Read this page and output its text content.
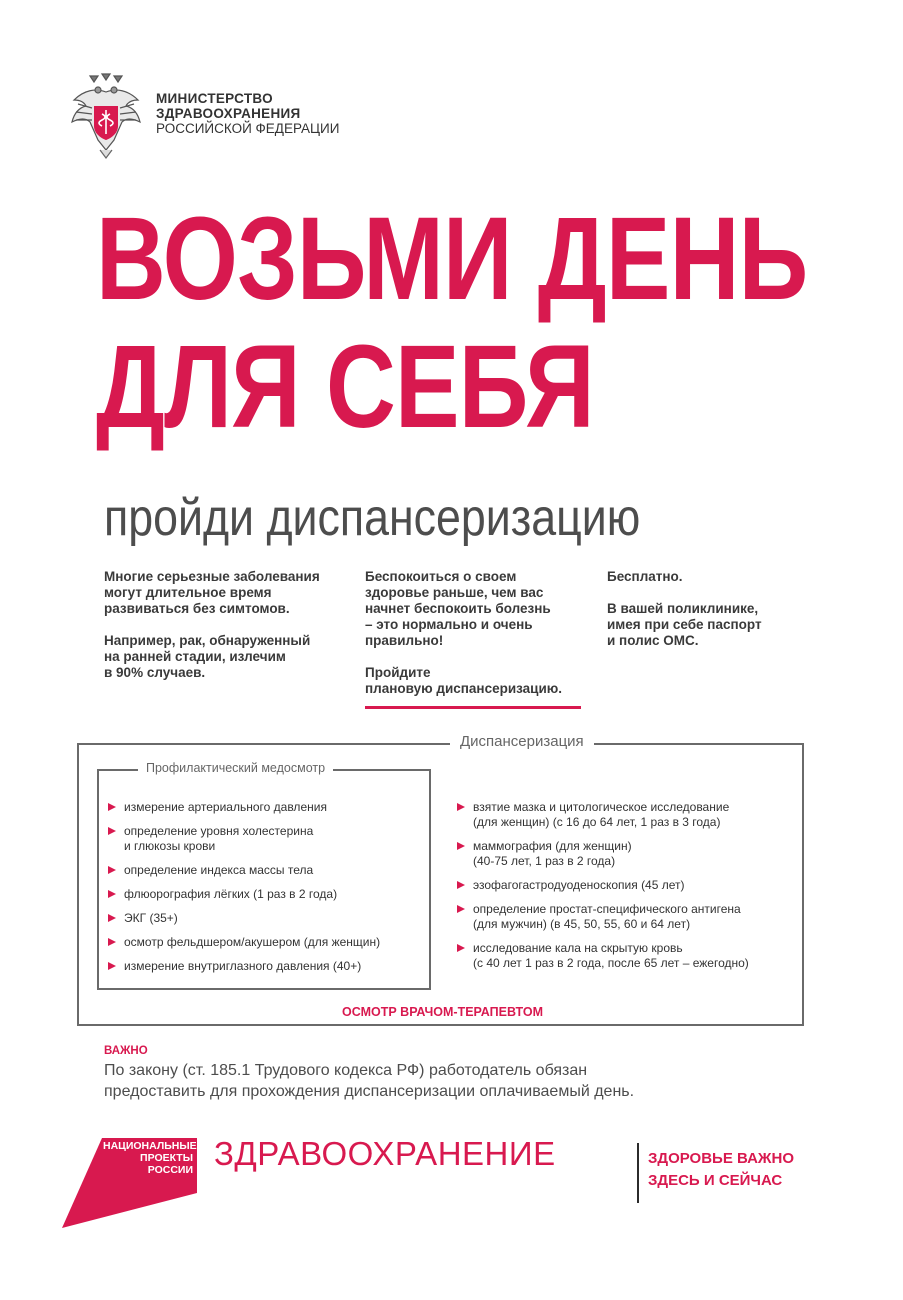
МИНИСТЕРСТВО
ЗДРАВООХРАНЕНИЯ
РОССИЙСКОЙ ФЕДЕРАЦИИ
ВОЗЬМИ ДЕНЬ
ДЛЯ СЕБЯ
пройди диспансеризацию

Многие серьезные заболевания
могут длительное время
развиваться без симтомов.

Например, рак, обнаруженный
на ранней стадии, излечим
в 90% случаев.

Беспокоиться о своем
здоровье раньше, чем вас
начнет беспокоить болезнь
– это нормально и очень
правильно!

Пройдите
плановую диспансеризацию.

Бесплатно.

В вашей поликлинике,
имея при себе паспорт
и полис ОМС.

Диспансеризация
Профилактический медосмотр
измерение артериального давления
определение уровня холестерина
и глюкозы крови
определение индекса массы тела
флюорография лёгких (1 раз в 2 года)
ЭКГ (35+)
осмотр фельдшером/акушером (для женщин)
измерение внутриглазного давления (40+)
взятие мазка и цитологическое исследование
(для женщин) (с 16 до 64 лет, 1 раз в 3 года)
маммография (для женщин)
(40-75 лет, 1 раз в 2 года)
эзофагогастродуоденоскопия (45 лет)
определение простат-специфического антигена
(для мужчин) (в 45, 50, 55, 60 и 64 лет)
исследование кала на скрытую кровь
(с 40 лет 1 раз в 2 года, после 65 лет – ежегодно)
ОСМОТР ВРАЧОМ-ТЕРАПЕВТОМ
ВАЖНО
По закону (ст. 185.1 Трудового кодекса РФ) работодатель обязан предоставить для прохождения диспансеризации оплачиваемый день.
НАЦИОНАЛЬНЫЕ
ПРОЕКТЫ
РОССИИ ЗДРАВООХРАНЕНИЕ	ЗДОРОВЬЕ ВАЖНО
ЗДЕСЬ И СЕЙЧАС
